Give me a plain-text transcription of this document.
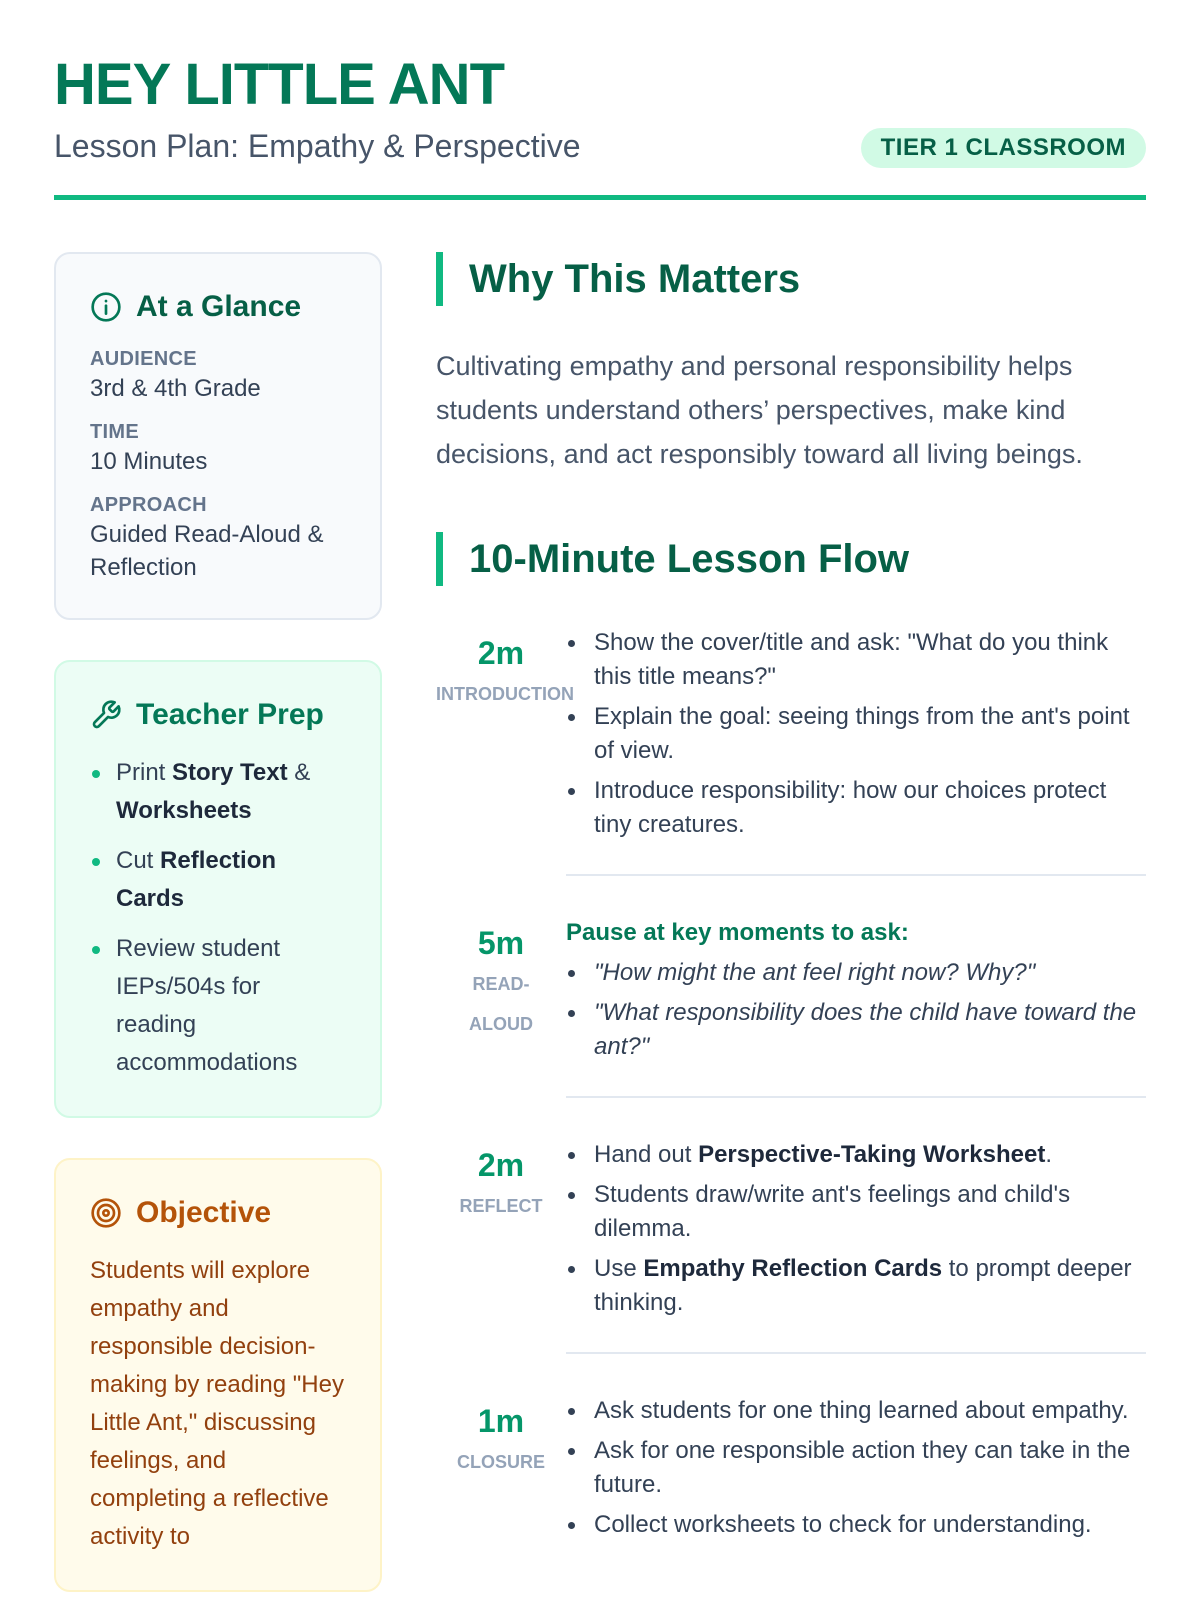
HEY LITTLE ANT
Lesson Plan: Empathy & Perspective	TIER 1 CLASSROOM
At a Glance
AUDIENCE
3rd & 4th Grade
TIME
10 Minutes
APPROACH
Guided Read-Aloud & Reflection
Teacher Prep
Print Story Text & Worksheets
Cut Reflection Cards
Review student IEPs/504s for reading accommodations
Objective

Students will explore empathy and responsible decision-making by reading "Hey Little Ant," discussing feelings, and completing a reflective activity to

Why This Matters

Cultivating empathy and personal responsibility helps students understand others’ perspectives, make kind decisions, and act responsibly toward all living beings.

10-Minute Lesson Flow
2m
INTRODUCTION
Show the cover/title and ask: "What do you think this title means?"
Explain the goal: seeing things from the ant's point of view.
Introduce responsibility: how our choices protect tiny creatures.
5m
READ-ALOUD
Pause at key moments to ask:
"How might the ant feel right now? Why?"
"What responsibility does the child have toward the ant?"
2m
REFLECT
Hand out Perspective-Taking Worksheet.
Students draw/write ant's feelings and child's dilemma.
Use Empathy Reflection Cards to prompt deeper thinking.
1m
CLOSURE
Ask students for one thing learned about empathy.
Ask for one responsible action they can take in the future.
Collect worksheets to check for understanding.
